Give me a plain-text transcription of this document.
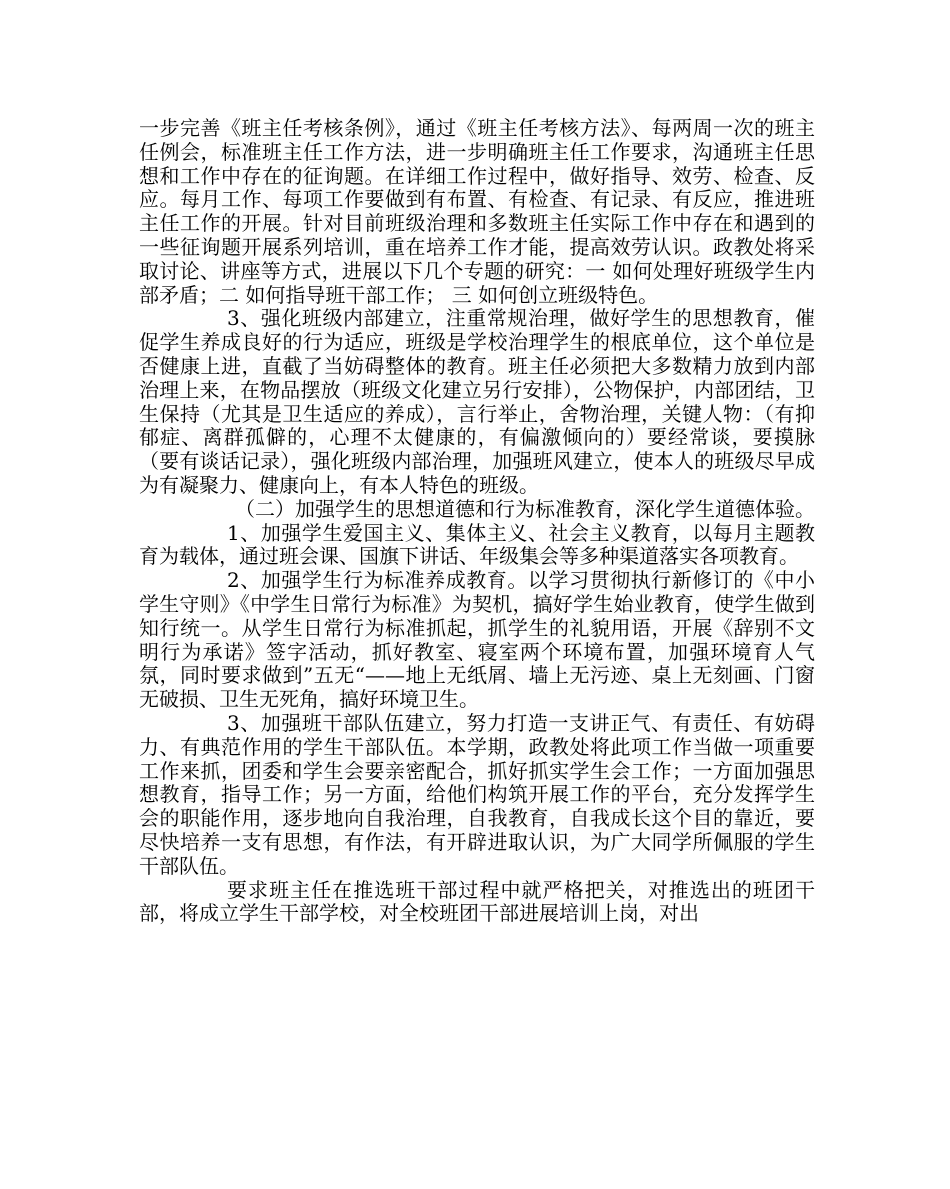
一步完善《班主任考核条例》，通过《班主任考核方法》、每两周一次的班主任例会，标准班主任工作方法，进一步明确班主任工作要求，沟通班主任思想和工作中存在的征询题。在详细工作过程中，做好指导、效劳、检查、反应。每月工作、每项工作要做到有布置、有检查、有记录、有反应，推进班主任工作的开展。针对目前班级治理和多数班主任实际工作中存在和遇到的一些征询题开展系列培训，重在培养工作才能，提高效劳认识。政教处将采取讨论、讲座等方式，进展以下几个专题的研究：一 如何处理好班级学生内部矛盾；二 如何指导班干部工作； 三 如何创立班级特色。

3、强化班级内部建立，注重常规治理，做好学生的思想教育，催促学生养成良好的行为适应，班级是学校治理学生的根底单位，这个单位是否健康上进，直截了当妨碍整体的教育。班主任必须把大多数精力放到内部治理上来，在物品摆放（班级文化建立另行安排），公物保护，内部团结，卫生保持（尤其是卫生适应的养成），言行举止，舍物治理，关键人物：（有抑郁症、离群孤僻的，心理不太健康的，有偏激倾向的）要经常谈，要摸脉（要有谈话记录），强化班级内部治理，加强班风建立，使本人的班级尽早成为有凝聚力、健康向上，有本人特色的班级。

（二）加强学生的思想道德和行为标准教育，深化学生道德体验。

1、加强学生爱国主义、集体主义、社会主义教育，以每月主题教育为载体，通过班会课、国旗下讲话、年级集会等多种渠道落实各项教育。

2、加强学生行为标准养成教育。以学习贯彻执行新修订的《中小学生守则》《中学生日常行为标准》为契机，搞好学生始业教育，使学生做到知行统一。从学生日常行为标准抓起，抓学生的礼貌用语，开展《辞别不文明行为承诺》签字活动，抓好教室、寝室两个环境布置，加强环境育人气氛，同时要求做到”五无“——地上无纸屑、墙上无污迹、桌上无刻画、门窗无破损、卫生无死角，搞好环境卫生。

3、加强班干部队伍建立，努力打造一支讲正气、有责任、有妨碍力、有典范作用的学生干部队伍。本学期，政教处将此项工作当做一项重要工作来抓，团委和学生会要亲密配合，抓好抓实学生会工作；一方面加强思想教育，指导工作；另一方面，给他们构筑开展工作的平台，充分发挥学生会的职能作用，逐步地向自我治理，自我教育，自我成长这个目的靠近，要尽快培养一支有思想，有作法，有开辟进取认识，为广大同学所佩服的学生干部队伍。

要求班主任在推选班干部过程中就严格把关，对推选出的班团干部，将成立学生干部学校，对全校班团干部进展培训上岗，对出
